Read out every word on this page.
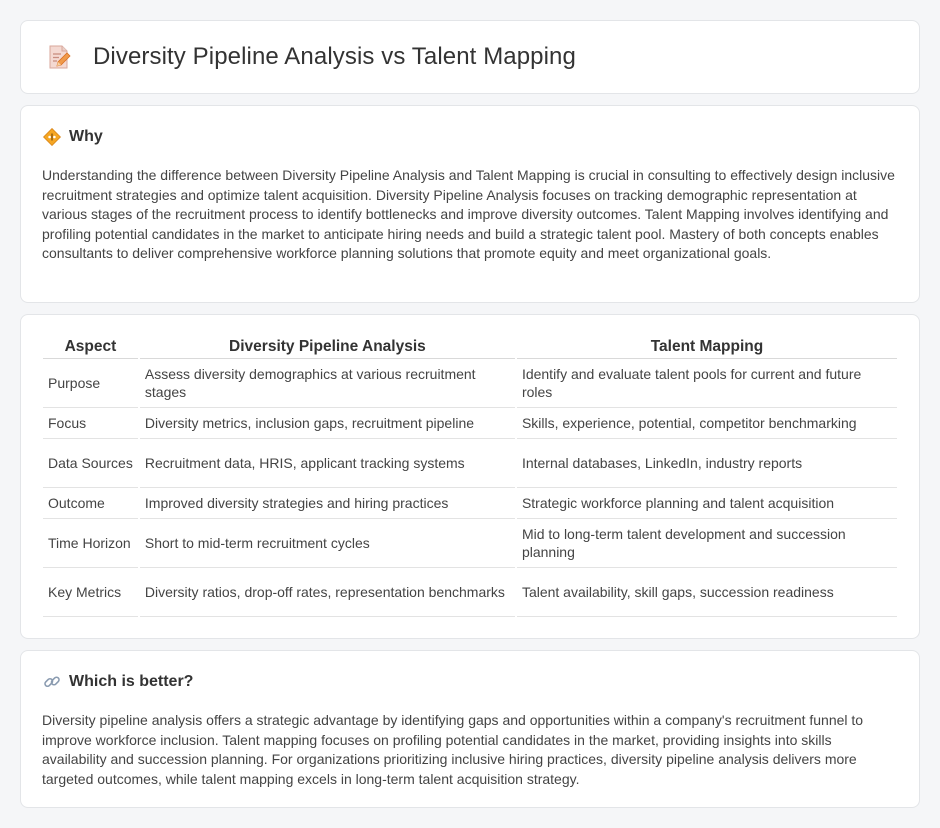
Diversity Pipeline Analysis vs Talent Mapping
Why

Understanding the difference between Diversity Pipeline Analysis and Talent Mapping is crucial in consulting to effectively design inclusive recruitment strategies and optimize talent acquisition. Diversity Pipeline Analysis focuses on tracking demographic representation at various stages of the recruitment process to identify bottlenecks and improve diversity outcomes. Talent Mapping involves identifying and profiling potential candidates in the market to anticipate hiring needs and build a strategic talent pool. Mastery of both concepts enables consultants to deliver comprehensive workforce planning solutions that promote equity and meet organizational goals.

Aspect	Diversity Pipeline Analysis	Talent Mapping
Purpose	Assess diversity demographics at various recruitment stages	Identify and evaluate talent pools for current and future roles
Focus	Diversity metrics, inclusion gaps, recruitment pipeline	Skills, experience, potential, competitor benchmarking
Data Sources	Recruitment data, HRIS, applicant tracking systems	Internal databases, LinkedIn, industry reports
Outcome	Improved diversity strategies and hiring practices	Strategic workforce planning and talent acquisition
Time Horizon	Short to mid-term recruitment cycles	Mid to long-term talent development and succession planning
Key Metrics	Diversity ratios, drop-off rates, representation benchmarks	Talent availability, skill gaps, succession readiness
Which is better?

Diversity pipeline analysis offers a strategic advantage by identifying gaps and opportunities within a company's recruitment funnel to improve workforce inclusion. Talent mapping focuses on profiling potential candidates in the market, providing insights into skills availability and succession planning. For organizations prioritizing inclusive hiring practices, diversity pipeline analysis delivers more targeted outcomes, while talent mapping excels in long-term talent acquisition strategy.
